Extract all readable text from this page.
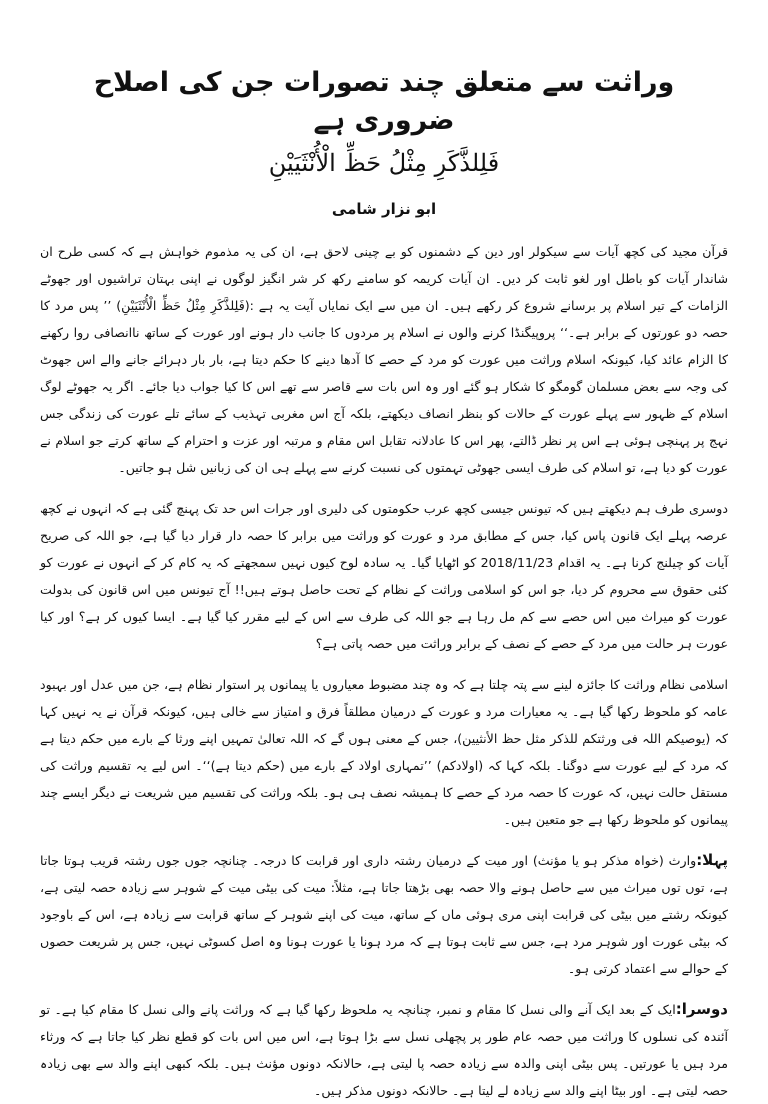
وراثت سے متعلق چند تصورات جن کی اصلاح ضروری ہے
فَلِلذَّكَرِ مِثْلُ حَظِّ الْأُنْثَيَيْنِ
ابو نزار شامی

قرآن مجید کی کچھ آیات سے سیکولر اور دین کے دشمنوں کو بے چینی لاحق ہے، ان کی یہ مذموم خواہش ہے کہ کسی طرح ان شاندار آیات کو باطل اور لغو ثابت کر دیں۔ ان آیات کریمہ کو سامنے رکھ کر شر انگیز لوگوں نے اپنی بہتان تراشیوں اور جھوٹے الزامات کے تیر اسلام پر برسانے شروع کر رکھے ہیں۔ ان میں سے ایک نمایاں آیت یہ ہے :(فَلِلذَّكَرِ مِثْلُ حَظِّ الْأُنْثَيَيْنِ) ’’ پس مرد کا حصہ دو عورتوں کے برابر ہے۔‘‘ پروپیگنڈا کرنے والوں نے اسلام پر مردوں کا جانب دار ہونے اور عورت کے ساتھ ناانصافی روا رکھنے کا الزام عائد کیا، کیونکہ اسلام وراثت میں عورت کو مرد کے حصے کا آدھا دینے کا حکم دیتا ہے، بار بار دہرائے جانے والے اس جھوٹ کی وجہ سے بعض مسلمان گومگو کا شکار ہو گئے اور وہ اس بات سے قاصر سے تھے اس کا کیا جواب دیا جائے۔ اگر یہ جھوٹے لوگ اسلام کے ظہور سے پہلے عورت کے حالات کو بنظر انصاف دیکھتے، بلکہ آج اس مغربی تہذیب کے سائے تلے عورت کی زندگی جس نہج پر پہنچی ہوئی ہے اس پر نظر ڈالتے، پھر اس کا عادلانہ تقابل اس مقام و مرتبہ اور عزت و احترام کے ساتھ کرتے جو اسلام نے عورت کو دیا ہے، تو اسلام کی طرف ایسی جھوٹی تہمتوں کی نسبت کرنے سے پہلے ہی ان کی زبانیں شل ہو جاتیں۔

دوسری طرف ہم دیکھتے ہیں کہ تیونس جیسی کچھ عرب حکومتوں کی دلیری اور جرات اس حد تک پہنچ گئی ہے کہ انہوں نے کچھ عرصہ پہلے ایک قانون پاس کیا، جس کے مطابق مرد و عورت کو وراثت میں برابر کا حصہ دار قرار دیا گیا ہے، جو اللہ کی صریح آیات کو چیلنج کرنا ہے۔ یہ اقدام 2018/11/23 کو اٹھایا گیا۔ یہ سادہ لوح کیوں نہیں سمجھتے کہ یہ کام کر کے انہوں نے عورت کو کئی حقوق سے محروم کر دیا، جو اس کو اسلامی وراثت کے نظام کے تحت حاصل ہوتے ہیں!! آج تیونس میں اس قانون کی بدولت عورت کو میراث میں اس حصے سے کم مل رہا ہے جو اللہ کی طرف سے اس کے لیے مقرر کیا گیا ہے۔ ایسا کیوں کر ہے؟ اور کیا عورت ہر حالت میں مرد کے حصے کے نصف کے برابر وراثت میں حصہ پاتی ہے؟

اسلامی نظام وراثت کا جائزہ لینے سے پتہ چلتا ہے کہ وہ چند مضبوط معیاروں یا پیمانوں پر استوار نظام ہے، جن میں عدل اور بہبود عامہ کو ملحوظ رکھا گیا ہے۔ یہ معیارات مرد و عورت کے درمیان مطلقاً فرق و امتیاز سے خالی ہیں، کیونکہ قرآن نے یہ نہیں کہا کہ (یوصیکم اللہ فی ورثتکم للذکر مثل حظ الأنثیین)، جس کے معنی ہوں گے کہ اللہ تعالیٰ تمہیں اپنے ورثا کے بارے میں حکم دیتا ہے کہ مرد کے لیے عورت سے دوگنا۔ بلکہ کہا کہ (اولادکم) ’’تمہاری اولاد کے بارے میں (حکم دیتا ہے)‘‘۔ اس لیے یہ تقسیم وراثت کی مستقل حالت نہیں، کہ عورت کا حصہ مرد کے حصے کا ہمیشہ نصف ہی ہو۔ بلکہ وراثت کی تقسیم میں شریعت نے دیگر ایسے چند پیمانوں کو ملحوظ رکھا ہے جو متعین ہیں۔

پہلا:وارث (خواہ مذکر ہو یا مؤنث) اور میت کے درمیان رشتہ داری اور قرابت کا درجہ۔ چنانچہ جوں جوں رشتہ قریب ہوتا جاتا ہے، توں توں میراث میں سے حاصل ہونے والا حصہ بھی بڑھتا جاتا ہے، مثلاً: میت کی بیٹی میت کے شوہر سے زیادہ حصہ لیتی ہے، کیونکہ رشتے میں بیٹی کی قرابت اپنی مری ہوئی ماں کے ساتھ، میت کی اپنے شوہر کے ساتھ قرابت سے زیادہ ہے، اس کے باوجود کہ بیٹی عورت اور شوہر مرد ہے، جس سے ثابت ہوتا ہے کہ مرد ہونا یا عورت ہونا وہ اصل کسوٹی نہیں، جس پر شریعت حصوں کے حوالے سے اعتماد کرتی ہو۔

دوسرا:ایک کے بعد ایک آنے والی نسل کا مقام و نمبر، چنانچہ یہ ملحوظ رکھا گیا ہے کہ وراثت پانے والی نسل کا مقام کیا ہے۔ تو آئندہ کی نسلوں کا وراثت میں حصہ عام طور پر پچھلی نسل سے بڑا ہوتا ہے، اس میں اس بات کو قطع نظر کیا جاتا ہے کہ ورثاء مرد ہیں یا عورتیں۔ پس بیٹی اپنی والدہ سے زیادہ حصہ پا لیتی ہے، حالانکہ دونوں مؤنث ہیں۔ بلکہ کبھی اپنے والد سے بھی زیادہ حصہ لیتی ہے۔ اور بیٹا اپنے والد سے زیادہ لے لیتا ہے۔ حالانکہ دونوں مذکر ہیں۔
